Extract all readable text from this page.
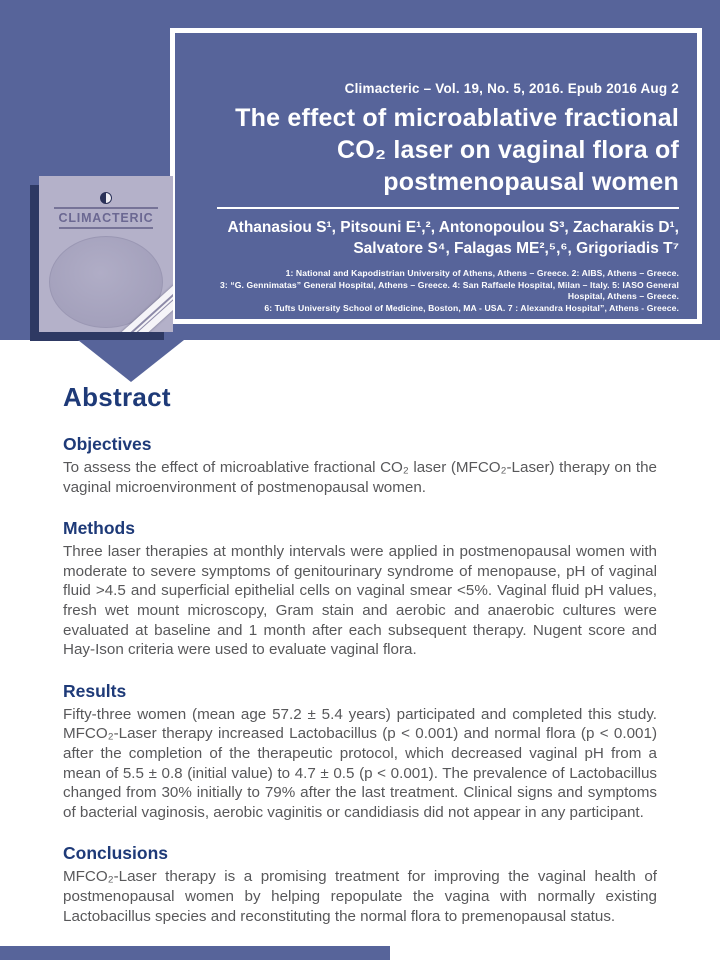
Climacteric – Vol. 19, No. 5, 2016. Epub 2016 Aug 2
The effect of microablative fractional
CO₂ laser on vaginal flora of
postmenopausal women
Athanasiou S¹, Pitsouni E¹,², Antonopoulou S³, Zacharakis D¹,
Salvatore S⁴, Falagas ME²,⁵,⁶, Grigoriadis T⁷
1: National and Kapodistrian University of Athens, Athens – Greece. 2: AIBS, Athens – Greece.
3: “G. Gennimatas” General Hospital, Athens – Greece. 4: San Raffaele Hospital, Milan – Italy. 5: IASO General Hospital, Athens – Greece.
6: Tufts University School of Medicine, Boston, MA - USA. 7 : Alexandra Hospital”, Athens - Greece.
CLIMACTERIC
Abstract
Objectives

To assess the effect of microablative fractional CO₂ laser (MFCO₂-Laser) therapy on the vaginal microenvironment of postmenopausal women.

Methods

Three laser therapies at monthly intervals were applied in postmenopausal women with moderate to severe symptoms of genitourinary syndrome of menopause, pH of vaginal fluid >4.5 and superficial epithelial cells on vaginal smear <5%. Vaginal fluid pH values, fresh wet mount microscopy, Gram stain and aerobic and anaerobic cultures were evaluated at baseline and 1 month after each subsequent therapy. Nugent score and Hay-Ison criteria were used to evaluate vaginal flora.

Results

Fifty-three women (mean age 57.2 ± 5.4 years) participated and completed this study. MFCO₂-Laser therapy increased Lactobacillus (p < 0.001) and normal flora (p < 0.001) after the completion of the therapeutic protocol, which decreased vaginal pH from a mean of 5.5 ± 0.8 (initial value) to 4.7 ± 0.5 (p < 0.001). The prevalence of Lactobacillus changed from 30% initially to 79% after the last treatment. Clinical signs and symptoms of bacterial vaginosis, aerobic vaginitis or candidiasis did not appear in any participant.

Conclusions

MFCO₂-Laser therapy is a promising treatment for improving the vaginal health of postmenopausal women by helping repopulate the vagina with normally existing Lactobacillus species and reconstituting the normal flora to premenopausal status.
